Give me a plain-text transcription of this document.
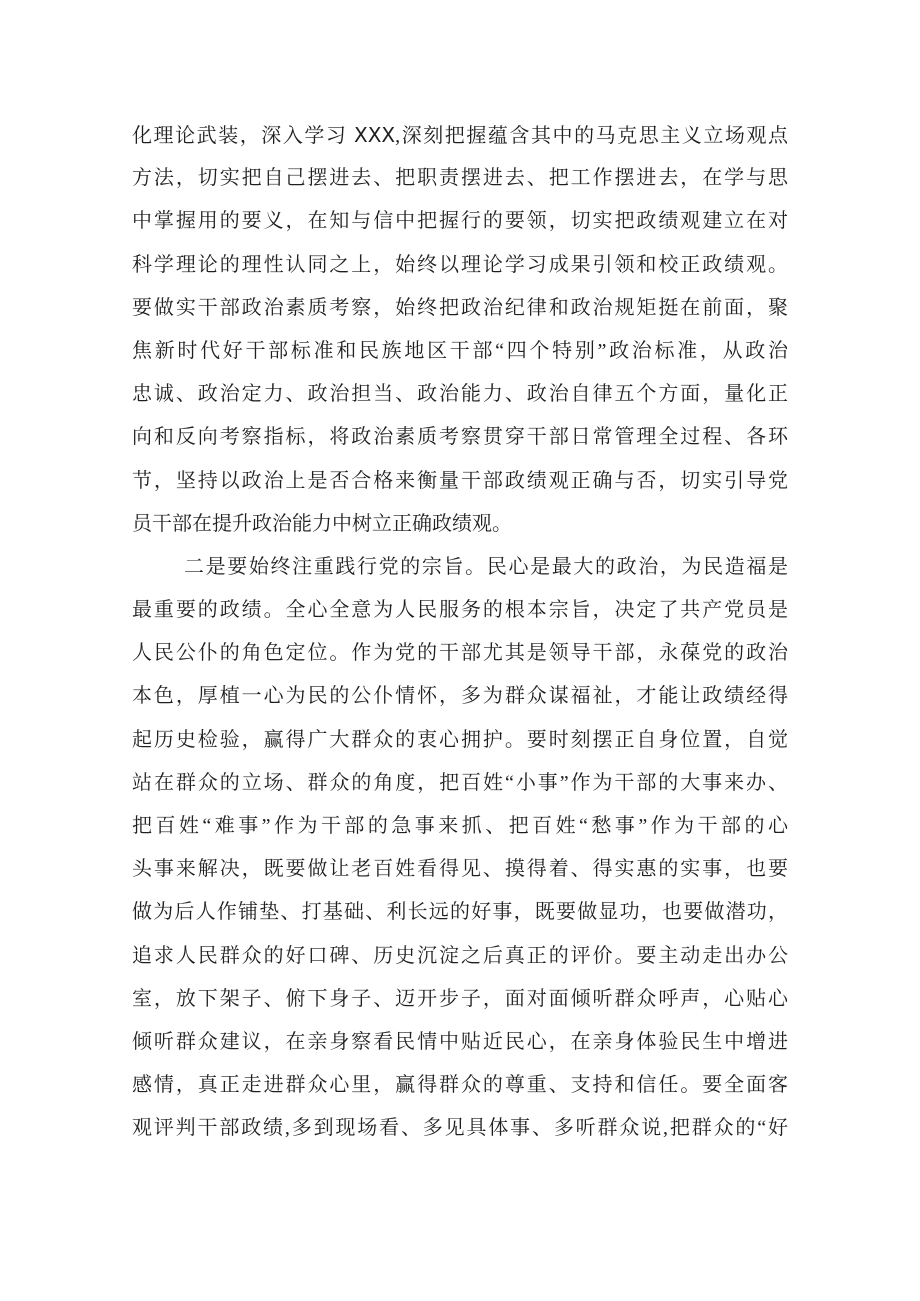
化理论武装，深入学习 XXX,深刻把握蕴含其中的马克思主义立场观点
方法，切实把自己摆进去、把职责摆进去、把工作摆进去，在学与思
中掌握用的要义，在知与信中把握行的要领，切实把政绩观建立在对
科学理论的理性认同之上，始终以理论学习成果引领和校正政绩观。
要做实干部政治素质考察，始终把政治纪律和政治规矩挺在前面，聚
焦新时代好干部标准和民族地区干部“四个特别”政治标准，从政治
忠诚、政治定力、政治担当、政治能力、政治自律五个方面，量化正
向和反向考察指标，将政治素质考察贯穿干部日常管理全过程、各环
节，坚持以政治上是否合格来衡量干部政绩观正确与否，切实引导党
员干部在提升政治能力中树立正确政绩观。
二是要始终注重践行党的宗旨。民心是最大的政治，为民造福是
最重要的政绩。全心全意为人民服务的根本宗旨，决定了共产党员是
人民公仆的角色定位。作为党的干部尤其是领导干部，永葆党的政治
本色，厚植一心为民的公仆情怀，多为群众谋福祉，才能让政绩经得
起历史检验，赢得广大群众的衷心拥护。要时刻摆正自身位置，自觉
站在群众的立场、群众的角度，把百姓“小事”作为干部的大事来办、
把百姓“难事”作为干部的急事来抓、把百姓“愁事”作为干部的心
头事来解决，既要做让老百姓看得见、摸得着、得实惠的实事，也要
做为后人作铺垫、打基础、利长远的好事，既要做显功，也要做潜功，
追求人民群众的好口碑、历史沉淀之后真正的评价。要主动走出办公
室，放下架子、俯下身子、迈开步子，面对面倾听群众呼声，心贴心
倾听群众建议，在亲身察看民情中贴近民心，在亲身体验民生中增进
感情，真正走进群众心里，赢得群众的尊重、支持和信任。要全面客
观评判干部政绩,多到现场看、多见具体事、多听群众说,把群众的“好
